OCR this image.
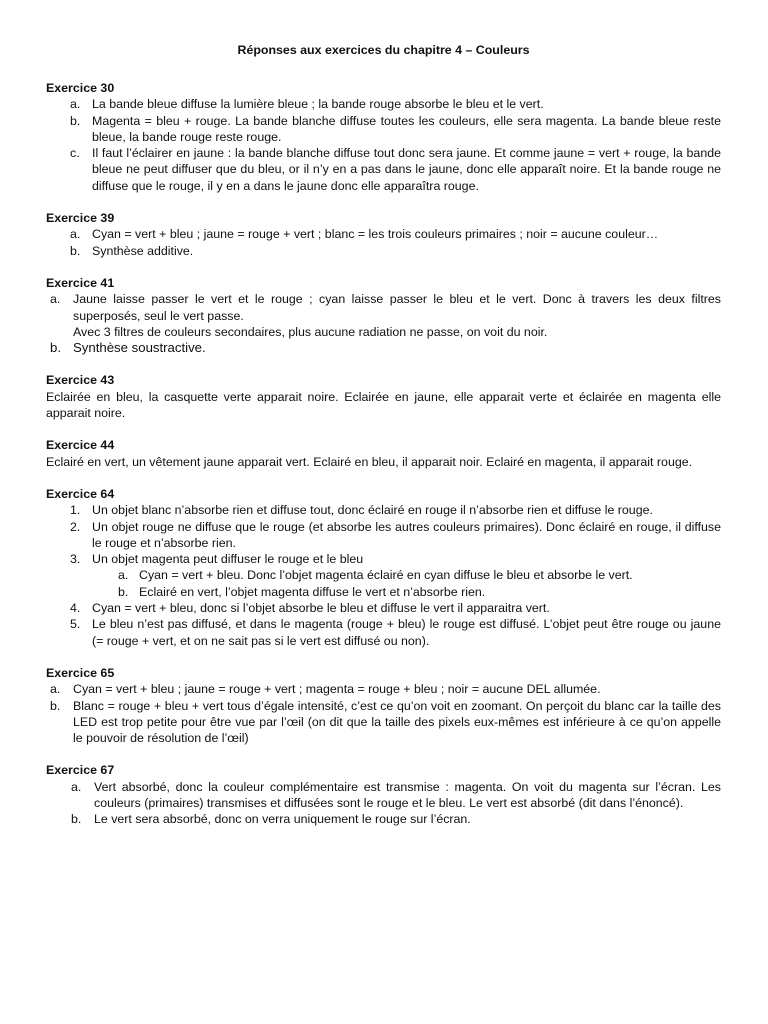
Réponses aux exercices du chapitre 4 – Couleurs
Exercice 30
a. La bande bleue diffuse la lumière bleue ; la bande rouge absorbe le bleu et le vert.
b. Magenta = bleu + rouge. La bande blanche diffuse toutes les couleurs, elle sera magenta. La bande bleue reste bleue, la bande rouge reste rouge.
c. Il faut l’éclairer en jaune : la bande blanche diffuse tout donc sera jaune. Et comme jaune = vert + rouge, la bande bleue ne peut diffuser que du bleu, or il n’y en a pas dans le jaune, donc elle apparaît noire. Et la bande rouge ne diffuse que le rouge, il y en a dans le jaune donc elle apparaîtra rouge.
Exercice 39
a. Cyan = vert + bleu ; jaune = rouge + vert ; blanc = les trois couleurs primaires ; noir = aucune couleur…
b. Synthèse additive.
Exercice 41
a. Jaune laisse passer le vert et le rouge ; cyan laisse passer le bleu et le vert. Donc à travers les deux filtres superposés, seul le vert passe.
Avec 3 filtres de couleurs secondaires, plus aucune radiation ne passe, on voit du noir.
b. Synthèse soustractive.
Exercice 43

Eclairée en bleu, la casquette verte apparait noire. Eclairée en jaune, elle apparait verte et éclairée en magenta elle apparait noire.

Exercice 44

Eclairé en vert, un vêtement jaune apparait vert. Eclairé en bleu, il apparait noir. Eclairé en magenta, il apparait rouge.

Exercice 64
1. Un objet blanc n’absorbe rien et diffuse tout, donc éclairé en rouge il n’absorbe rien et diffuse le rouge.
2. Un objet rouge ne diffuse que le rouge (et absorbe les autres couleurs primaires). Donc éclairé en rouge, il diffuse le rouge et n’absorbe rien.
3. Un objet magenta peut diffuser le rouge et le bleu
a. Cyan = vert + bleu. Donc l’objet magenta éclairé en cyan diffuse le bleu et absorbe le vert.
b. Eclairé en vert, l’objet magenta diffuse le vert et n’absorbe rien.
4. Cyan = vert + bleu, donc si l’objet absorbe le bleu et diffuse le vert il apparaitra vert.
5. Le bleu n’est pas diffusé, et dans le magenta (rouge + bleu) le rouge est diffusé. L’objet peut être rouge ou jaune (= rouge + vert, et on ne sait pas si le vert est diffusé ou non).
Exercice 65
a. Cyan = vert + bleu ; jaune = rouge + vert ; magenta = rouge + bleu ; noir = aucune DEL allumée.
b. Blanc = rouge + bleu + vert tous d’égale intensité, c’est ce qu’on voit en zoomant. On perçoit du blanc car la taille des LED est trop petite pour être vue par l’œil (on dit que la taille des pixels eux-mêmes est inférieure à ce qu’on appelle le pouvoir de résolution de l’œil)
Exercice 67
a. Vert absorbé, donc la couleur complémentaire est transmise : magenta. On voit du magenta sur l’écran. Les couleurs (primaires) transmises et diffusées sont le rouge et le bleu. Le vert est absorbé (dit dans l’énoncé).
b. Le vert sera absorbé, donc on verra uniquement le rouge sur l’écran.
